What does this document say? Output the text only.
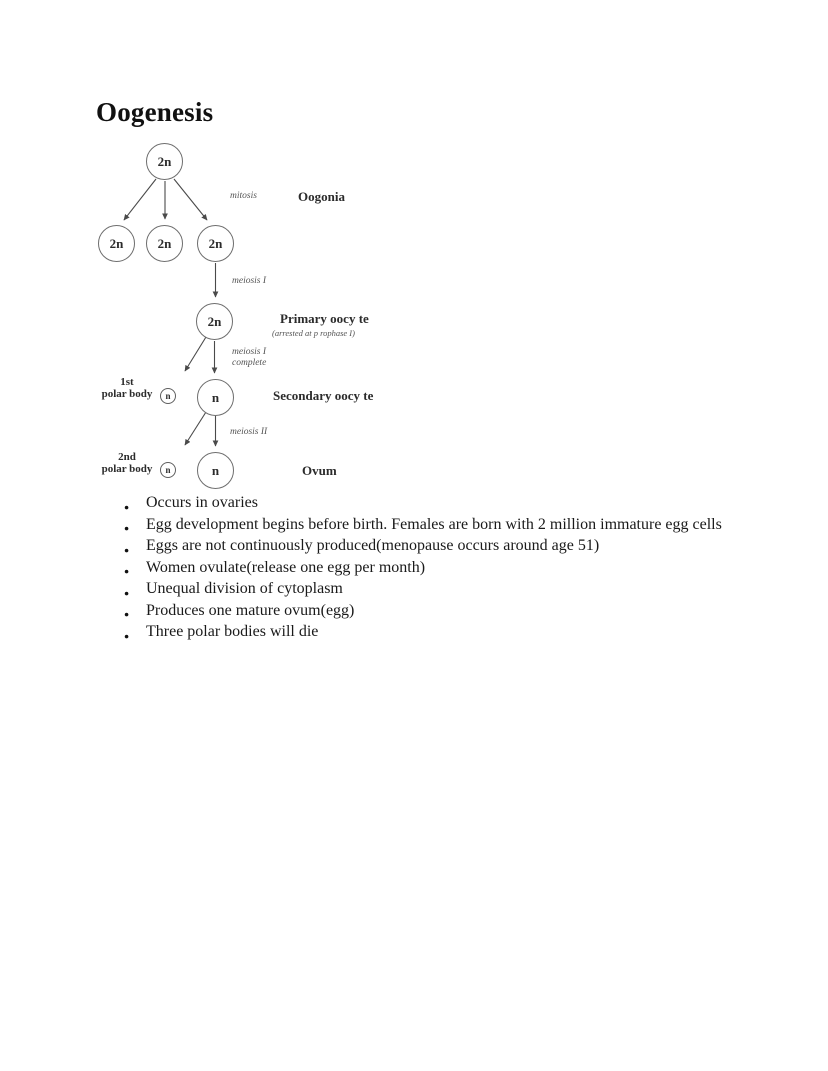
Oogenesis
2n
2n	2n	2n
2n
n	n
n	n
mitosis	Oogonia
meiosis I
Primary oocy te
(arrested at p rophase I)
meiosis I
complete
1st
polar body	Secondary oocy te
meiosis II
2nd
polar body	Ovum
● Occurs in ovaries
● Egg development begins before birth. Females are born with 2 million immature egg cells
● Eggs are not continuously produced(menopause occurs around age 51)
● Women ovulate(release one egg per month)
● Unequal division of cytoplasm
● Produces one mature ovum(egg)
● Three polar bodies will die
